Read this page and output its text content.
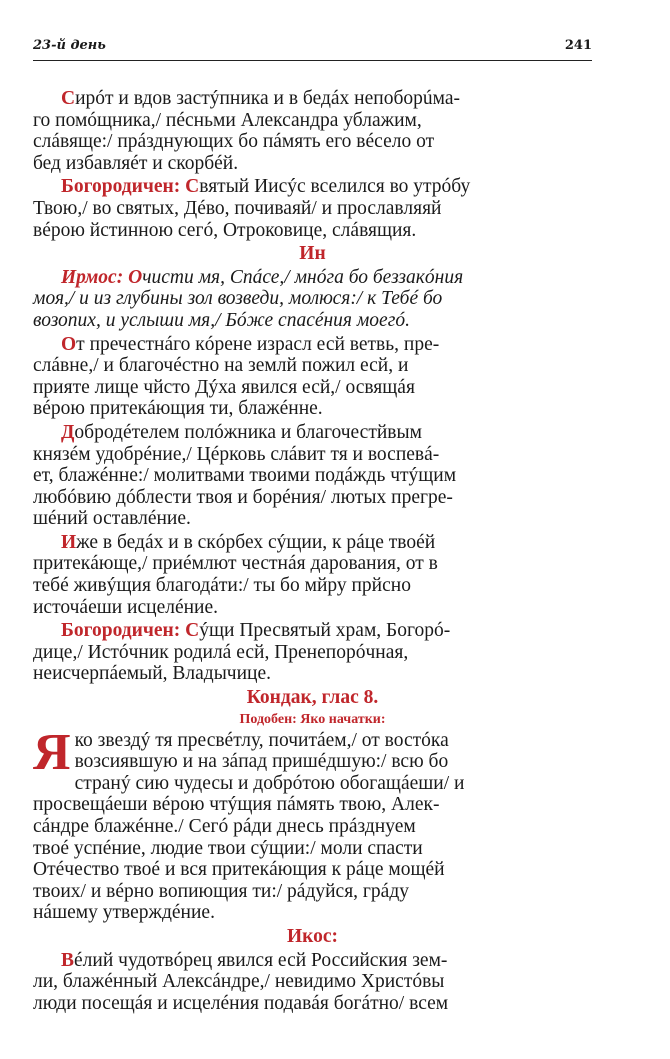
23-й день	241
Сирóт и вдов застýпника и в бедáх непоборúма-
го помóщника,/ пéсньми Александра ублажим,
слáвяще:/ прáзднующих бо пáмять его вéсело от
бед избавляéт и скорбéй.
Богородичен: Святый Иисýс вселился во утрóбу
Твою,/ во святых, Дéво, почиваяй/ и прославляяй
вéрою йстинною сегó, Отроковице, слáвящия.
Ин
Ирмос: Очисти мя, Спáсе,/ мнóга бо беззакóния
моя,/ и из глубины зол возведи, молюся:/ к Тебé бо
возопих, и услыши мя,/ Бóже спасéния моегó.
От пречестнáго кóрене израсл есй ветвь, пре-
слáвне,/ и благочéстно на землй пожил есй, и
прияте лище чйсто Дýха явился есй,/ освящáя
вéрою притекáющия ти, блажéнне.
Добродéтелем полóжника и благочестйвым
князéм удобрéние,/ Цéрковь слáвит тя и воспевá-
ет, блажéнне:/ молитвами твоими подáждь чтýщим
любóвию дóблести твоя и борéния/ лютых прегре-
шéний оставлéние.
Иже в бедáх и в скóрбех сýщии, к рáце твоéй
притекáюще,/ приéмлют честнáя дарования, от в
тебé живýщия благодáти:/ ты бо мйру прйсно
источáеши исцелéние.
Богородичен: Сýщи Пресвятый храм, Богорó-
дице,/ Истóчник родилá есй, Пренепорóчная,
неисчерпáемый, Владычице.
Кондак, глас 8.
Подобен: Яко начатки:
Я ко звездý тя пресвéтлу, почитáем,/ от востóка
возсиявшую и на зáпад пришéдшую:/ всю бо
странý сию чудесы и добрóтою обогащáеши/ и
просвещáеши вéрою чтýщия пáмять твою, Алек-
сáндре блажéнне./ Сегó рáди днесь прáзднуем
твоé успéние, людие твои сýщии:/ моли спасти
Отéчество твоé и вся притекáющия к рáце мощéй
твоих/ и вéрно вопиющия ти:/ рáдуйся, грáду
нáшему утверждéние.
Икос:
Вéлий чудотвóрец явился есй Российския зем-
ли, блажéнный Алексáндре,/ невидимо Христóвы
люди посещáя и исцелéния подавáя богáтно/ всем
